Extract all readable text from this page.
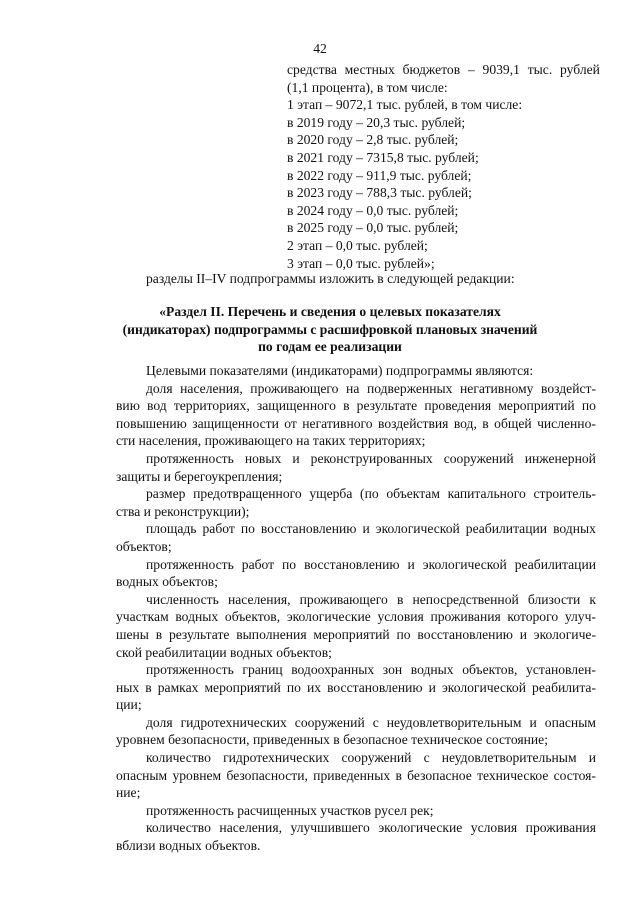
42
средства местных бюджетов – 9039,1 тыс. рублей
(1,1 процента), в том числе:
1 этап – 9072,1 тыс. рублей, в том числе:
в 2019 году – 20,3 тыс. рублей;
в 2020 году – 2,8 тыс. рублей;
в 2021 году – 7315,8 тыс. рублей;
в 2022 году – 911,9 тыс. рублей;
в 2023 году – 788,3 тыс. рублей;
в 2024 году – 0,0 тыс. рублей;
в 2025 году – 0,0 тыс. рублей;
2 этап – 0,0 тыс. рублей;
3 этап – 0,0 тыс. рублей»;
разделы II–IV подпрограммы изложить в следующей редакции:
«Раздел II. Перечень и сведения о целевых показателях
(индикаторах) подпрограммы с расшифровкой плановых значений
по годам ее реализации
Целевыми показателями (индикаторами) подпрограммы являются:
доля населения, проживающего на подверженных негативному воздейст-
вию вод территориях, защищенного в результате проведения мероприятий по
повышению защищенности от негативного воздействия вод, в общей численно-
сти населения, проживающего на таких территориях;
протяженность новых и реконструированных сооружений инженерной
защиты и берегоукрепления;
размер предотвращенного ущерба (по объектам капитального строитель-
ства и реконструкции);
площадь работ по восстановлению и экологической реабилитации водных
объектов;
протяженность работ по восстановлению и экологической реабилитации
водных объектов;
численность населения, проживающего в непосредственной близости к
участкам водных объектов, экологические условия проживания которого улуч-
шены в результате выполнения мероприятий по восстановлению и экологиче-
ской реабилитации водных объектов;
протяженность границ водоохранных зон водных объектов, установлен-
ных в рамках мероприятий по их восстановлению и экологической реабилита-
ции;
доля гидротехнических сооружений с неудовлетворительным и опасным
уровнем безопасности, приведенных в безопасное техническое состояние;
количество гидротехнических сооружений с неудовлетворительным и
опасным уровнем безопасности, приведенных в безопасное техническое состоя-
ние;
протяженность расчищенных участков русел рек;
количество населения, улучшившего экологические условия проживания
вблизи водных объектов.
